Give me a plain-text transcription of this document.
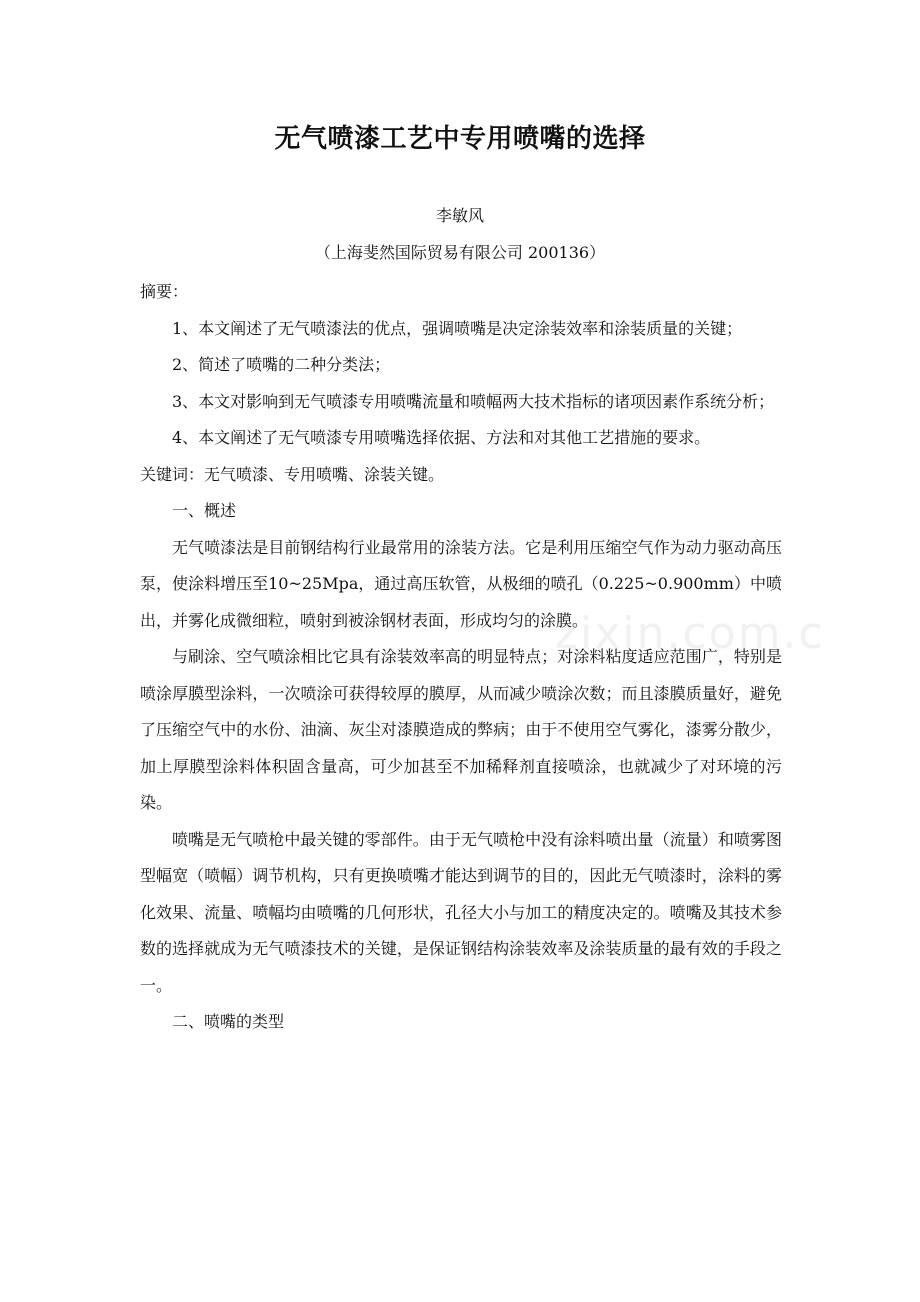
无气喷漆工艺中专用喷嘴的选择

李敏风

（上海斐然国际贸易有限公司 200136）

摘要：

1、本文阐述了无气喷漆法的优点，强调喷嘴是决定涂装效率和涂装质量的关键；

2、简述了喷嘴的二种分类法；

3、本文对影响到无气喷漆专用喷嘴流量和喷幅两大技术指标的诸项因素作系统分析；

4、本文阐述了无气喷漆专用喷嘴选择依据、方法和对其他工艺措施的要求。

关键词：无气喷漆、专用喷嘴、涂装关键。

一、概述

无气喷漆法是目前钢结构行业最常用的涂装方法。它是利用压缩空气作为动力驱动高压泵，使涂料增压至10~25Mpa，通过高压软管，从极细的喷孔（0.225~0.900mm）中喷出，并雾化成微细粒，喷射到被涂钢材表面，形成均匀的涂膜。

与刷涂、空气喷涂相比它具有涂装效率高的明显特点；对涂料粘度适应范围广，特别是喷涂厚膜型涂料，一次喷涂可获得较厚的膜厚，从而减少喷涂次数；而且漆膜质量好，避免了压缩空气中的水份、油滴、灰尘对漆膜造成的弊病；由于不使用空气雾化，漆雾分散少，加上厚膜型涂料体积固含量高，可少加甚至不加稀释剂直接喷涂，也就减少了对环境的污染。

喷嘴是无气喷枪中最关键的零部件。由于无气喷枪中没有涂料喷出量（流量）和喷雾图型幅宽（喷幅）调节机构，只有更换喷嘴才能达到调节的目的，因此无气喷漆时，涂料的雾化效果、流量、喷幅均由喷嘴的几何形状，孔径大小与加工的精度决定的。喷嘴及其技术参数的选择就成为无气喷漆技术的关键，是保证钢结构涂装效率及涂装质量的最有效的手段之一。

二、喷嘴的类型

zixin.com.c
